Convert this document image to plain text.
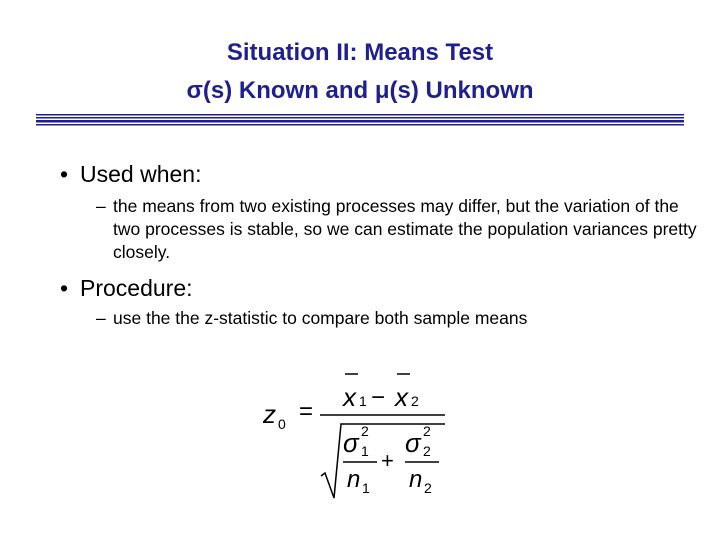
Situation II: Means Test
σ(s) Known and μ(s) Unknown
• Used when:
– the means from two existing processes may differ, but the variation of the two processes is stable, so we can estimate the population variances pretty closely.
• Procedure:
– use the the z-statistic to compare both sample means
z 0 = x 1 − x 2
σ 2
1
n 1
+
σ 2
2
n 2
